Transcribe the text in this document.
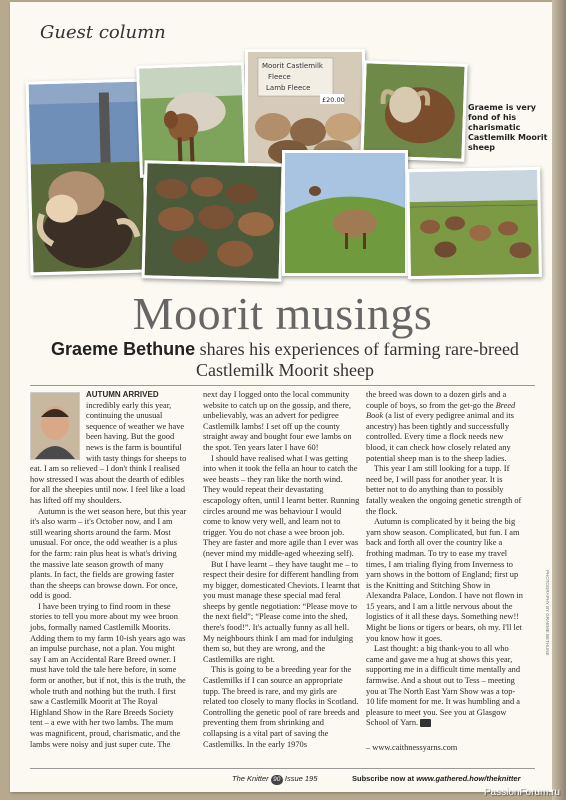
Guest column
Moorit Castlemilk
Fleece
Lamb Fleece
£20.00
Graeme is very fond of his charismatic Castlemilk Moorit sheep
Moorit musings
Graeme Bethune shares his experiences of farming rare-breed Castlemilk Moorit sheep

AUTUMN ARRIVED incredibly early this year, continuing the unusual sequence of weather we have been having. But the good news is the farm is bountiful with tasty things for sheeps to eat. I am so relieved – I don't think I realised how stressed I was about the dearth of edibles for all the sheepies until now. I feel like a load has lifted off my shoulders.

Autumn is the wet season here, but this year it's also warm – it's October now, and I am still wearing shorts around the farm. Most unusual. For once, the odd weather is a plus for the farm: rain plus heat is what's driving the massive late season growth of many plants. In fact, the fields are growing faster than the sheeps can browse down. For once, odd is good.

I have been trying to find room in these stories to tell you more about my wee broon jobs, formally named Castlemilk Moorits. Adding them to my farm 10-ish years ago was an impulse purchase, not a plan. You might say I am an Accidental Rare Breed owner. I must have told the tale here before, in some form or another, but if not, this is the truth, the whole truth and nothing but the truth. I first saw a Castlemilk Moorit at The Royal Highland Show in the Rare Breeds Society tent – a ewe with her two lambs. The mum was magnificent, proud, charismatic, and the lambs were noisy and just super cute. The

next day I logged onto the local community website to catch up on the gossip, and there, unbelievably, was an advert for pedigree Castlemilk lambs! I set off up the county straight away and bought four ewe lambs on the spot. Ten years later I have 60!

I should have realised what I was getting into when it took the fella an hour to catch the wee beasts – they ran like the north wind. They would repeat their devastating escapology often, until I learnt better. Running circles around me was behaviour I would come to know very well, and learn not to trigger. You do not chase a wee broon job. They are faster and more agile than I ever was (never mind my middle-aged wheezing self).

But I have learnt – they have taught me – to respect their desire for different handling from my bigger, domesticated Cheviots. I learnt that you must manage these special mad feral sheeps by gentle negotiation: “Please move to the next field”; “Please come into the shed, there's food!”. It's actually funny as all hell. My neighbours think I am mad for indulging them so, but they are wrong, and the Castlemilks are right.

This is going to be a breeding year for the Castlemilks if I can source an appropriate tupp. The breed is rare, and my girls are related too closely to many flocks in Scotland. Controlling the genetic pool of rare breeds and preventing them from shrinking and collapsing is a vital part of saving the Castlemilks. In the early 1970s

the breed was down to a dozen girls and a couple of boys, so from the get-go the Breed Book (a list of every pedigree animal and its ancestry) has been tightly and successfully controlled. Every time a flock needs new blood, it can check how closely related any potential sheep man is to the sheep ladies.

This year I am still looking for a tupp. If need be, I will pass for another year. It is better not to do anything than to possibly fatally weaken the ongoing genetic strength of the flock.

Autumn is complicated by it being the big yarn show season. Complicated, but fun. I am back and forth all over the country like a frothing madman. To try to ease my travel times, I am trialing flying from Inverness to yarn shows in the bottom of England; first up is the Knitting and Stitching Show in Alexandra Palace, London. I have not flown in 15 years, and I am a little nervous about the logistics of it all these days. Something new!! Might be lions or tigers or bears, oh my. I'll let you know how it goes.

Last thought: a big thank-you to all who came and gave me a hug at shows this year, supporting me in a difficult time mentally and farmwise. And a shout out to Tess – meeting you at The North East Yarn Show was a top-10 life moment for me. It was humbling and a pleasure to meet you. See you at Glasgow School of Yarn.

– www.caithnessyarns.com

PHOTOGRAPHY BY GRAEME BETHUNE
The Knitter 90 Issue 195	Subscribe now at www.gathered.how/theknitter
PassionForum.ru
